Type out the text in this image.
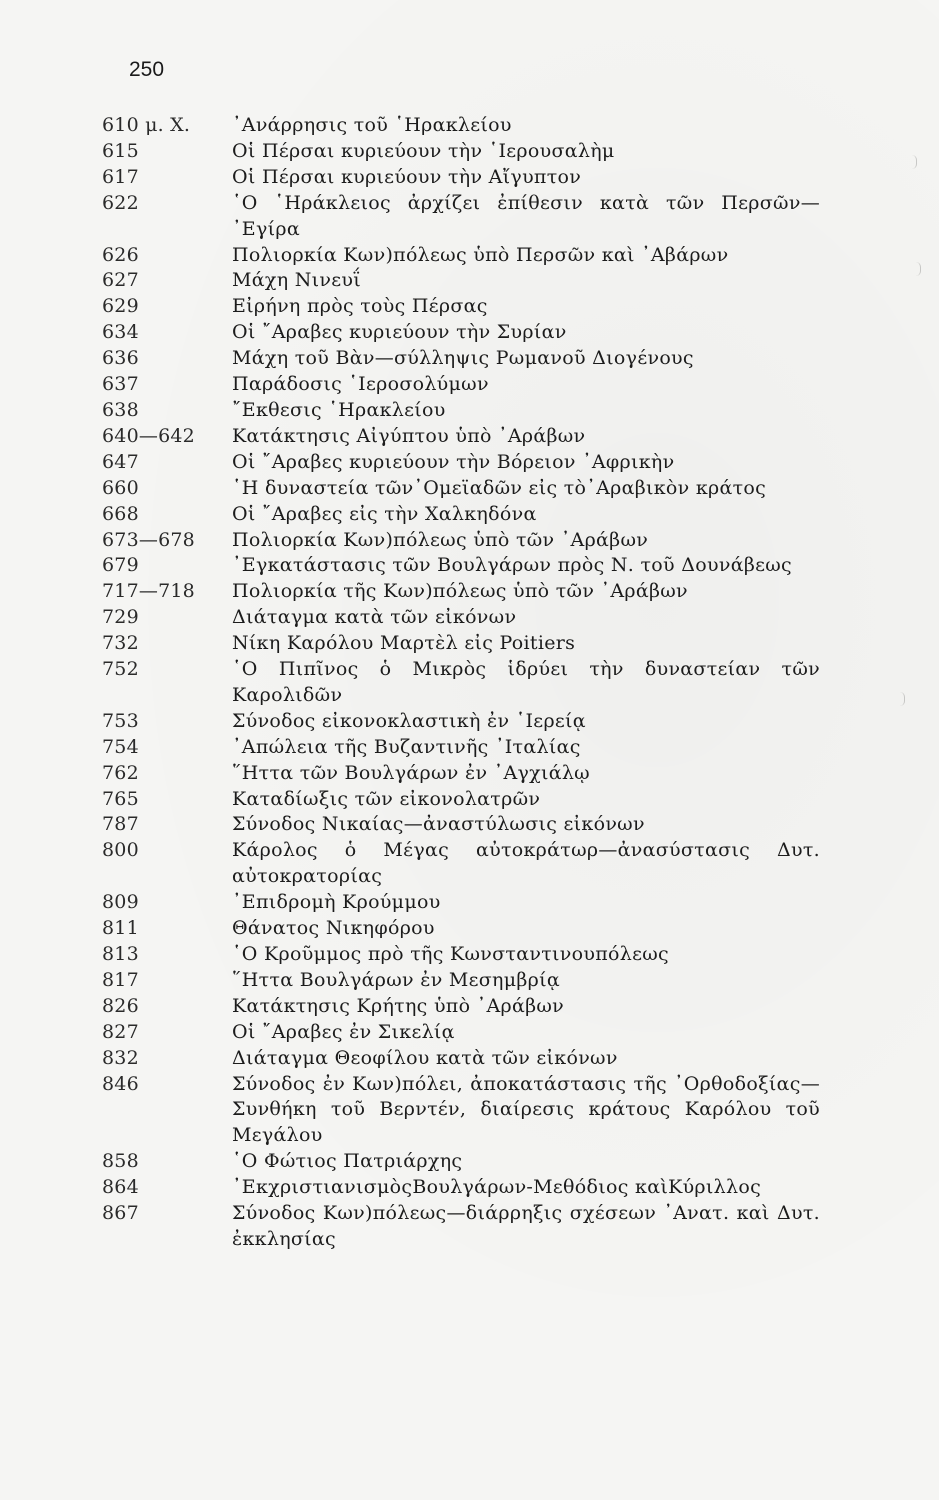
250
610 μ. Χ.	᾿Ανάρρησις τοῦ ῾Ηρακλείου
615	Οἱ Πέρσαι κυριεύουν τὴν ῾Ιερουσαλὴμ
617	Οἱ Πέρσαι κυριεύουν τὴν Αἴγυπτον
622	῾Ο ῾Ηράκλειος ἀρχίζει ἐπίθεσιν κατὰ τῶν Περσῶν— ᾿Εγίρα
626	Πολιορκία Κων)πόλεως ὑπὸ Περσῶν καὶ ᾿Αβάρων
627	Μάχη Νινευΐ
629	Εἰρήνη πρὸς τοὺς Πέρσας
634	Οἱ ῎Αραβες κυριεύουν τὴν Συρίαν
636	Μάχη τοῦ Βὰν—σύλληψις Ρωμανοῦ Διογένους
637	Παράδοσις ῾Ιεροσολύμων
638	῎Εκθεσις ῾Ηρακλείου
640—642	Κατάκτησις Αἰγύπτου ὑπὸ ᾿Αράβων
647	Οἱ ῎Αραβες κυριεύουν τὴν Βόρειον ᾿Αφρικὴν
660	῾Η δυναστεία τῶν᾿Ομεϊαδῶν εἰς τὸ᾿Αραβικὸν κράτος
668	Οἱ ῎Αραβες εἰς τὴν Χαλκηδόνα
673—678	Πολιορκία Κων)πόλεως ὑπὸ τῶν ᾿Αράβων
679	᾿Εγκατάστασις τῶν Βουλγάρων πρὸς Ν. τοῦ Δουνάβεως
717—718	Πολιορκία τῆς Κων)πόλεως ὑπὸ τῶν ᾿Αράβων
729	Διάταγμα κατὰ τῶν εἰκόνων
732	Νίκη Καρόλου Μαρτὲλ εἰς Poitiers
752	῾Ο Πιπῖνος ὁ Μικρὸς ἱδρύει τὴν δυναστείαν τῶν Καρολιδῶν
753	Σύνοδος εἰκονοκλαστικὴ ἐν ῾Ιερείᾳ
754	᾿Απώλεια τῆς Βυζαντινῆς ᾿Ιταλίας
762	῞Ηττα τῶν Βουλγάρων ἐν ᾿Αγχιάλῳ
765	Καταδίωξις τῶν εἰκονολατρῶν
787	Σύνοδος Νικαίας—ἀναστύλωσις εἰκόνων
800	Κάρολος ὁ Μέγας αὐτοκράτωρ—ἀνασύστασις Δυτ. αὐτοκρατορίας
809	᾿Επιδρομὴ Κρούμμου
811	Θάνατος Νικηφόρου
813	῾Ο Κροῦμμος πρὸ τῆς Κωνσταντινουπόλεως
817	῞Ηττα Βουλγάρων ἐν Μεσημβρίᾳ
826	Κατάκτησις Κρήτης ὑπὸ ᾿Αράβων
827	Οἱ ῎Αραβες ἐν Σικελίᾳ
832	Διάταγμα Θεοφίλου κατὰ τῶν εἰκόνων
846	Σύνοδος ἐν Κων)πόλει, ἀποκατάστασις τῆς ᾿Ορθοδοξίας—Συνθήκη τοῦ Βερντέν, διαίρεσις κράτους Καρόλου τοῦ Μεγάλου
858	῾Ο Φώτιος Πατριάρχης
864	᾿ΕκχριστιανισμὸςΒουλγάρων-Μεθόδιος καὶΚύριλλος
867	Σύνοδος Κων)πόλεως—διάρρηξις σχέσεων ᾿Ανατ. καὶ Δυτ. ἐκκλησίας
